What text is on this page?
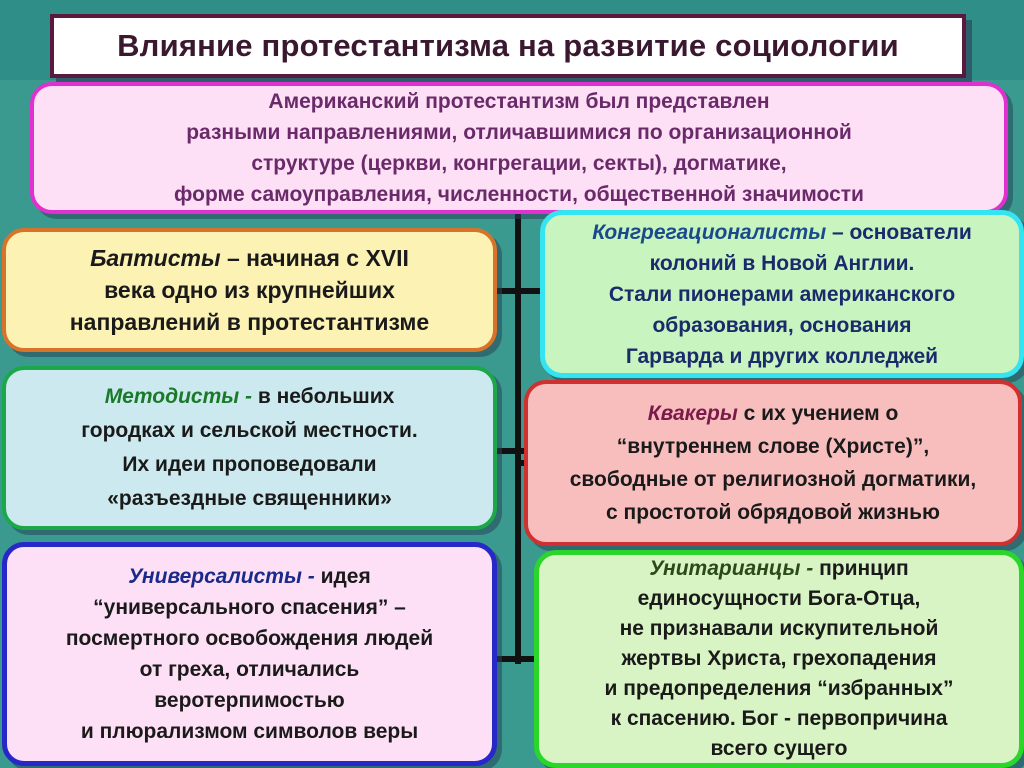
Влияние протестантизма на развитие социологии

Американский протестантизм был представлен

разными направлениями, отличавшимися по организационной

структуре (церкви, конгрегации, секты), догматике,

форме самоуправления, численности, общественной значимости

Баптисты – начиная с XVII

века одно из крупнейших

направлений в протестантизме

Конгрегационалисты – основатели

колоний в Новой Англии.

Стали пионерами американского

образования, основания

Гарварда и других колледжей

Методисты - в небольших

городках и сельской местности.

Их идеи проповедовали

«разъездные священники»

Квакеры с их учением о

“внутреннем слове (Христе)”,

свободные от религиозной догматики,

с простотой обрядовой жизнью

Универсалисты - идея

“универсального спасения” –

посмертного освобождения людей

от греха, отличались

веротерпимостью

и плюрализмом символов веры

Унитарианцы - принцип

единосущности Бога-Отца,

не признавали искупительной

жертвы Христа, грехопадения

и предопределения “избранных”

к спасению. Бог - первопричина

всего сущего
